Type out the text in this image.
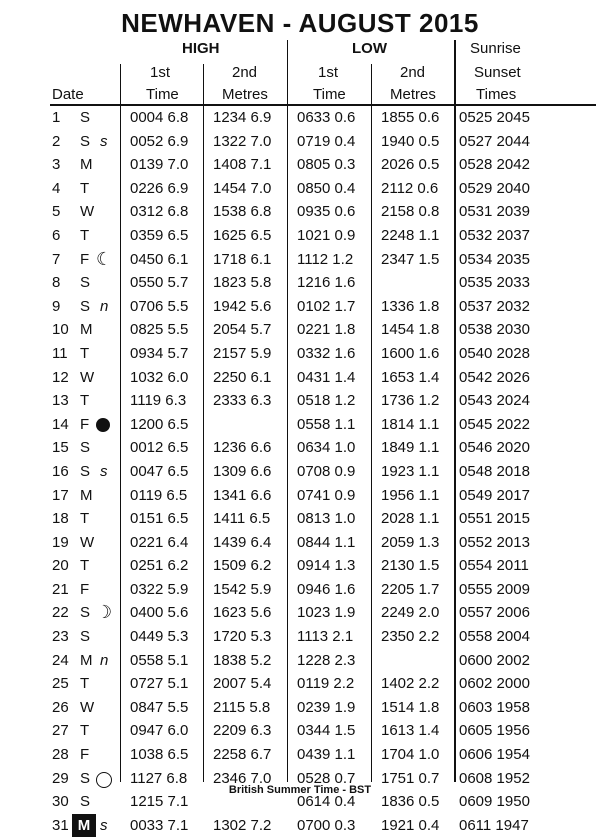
NEWHAVEN - AUGUST 2015
HIGH	LOW	Sunrise
1st	2nd	1st	2nd	Sunset
Date	Time	Metres	Time	Metres	Times
1 S	0004 6.8 1234 6.9 0633 0.6 1855 0.6 0525 2045
2 S s 0052 6.9 1322 7.0 0719 0.4 1940 0.5 0527 2044
3 M	0139 7.0 1408 7.1 0805 0.3 2026 0.5 0528 2042
4 T	0226 6.9 1454 7.0 0850 0.4 2112 0.6 0529 2040
5 W	0312 6.8 1538 6.8 0935 0.6 2158 0.8 0531 2039
6 T	0359 6.5 1625 6.5 1021 0.9 2248 1.1 0532 2037
7 F	0450 6.1 1718 6.1 1112 1.2 2347 1.5 0534 2035
☾
8 S	0550 5.7 1823 5.8 1216 1.6	0535 2033
9 S n 0706 5.5 1942 5.6 0102 1.7 1336 1.8 0537 2032
10 M	0825 5.5 2054 5.7 0221 1.8 1454 1.8 0538 2030
11 T	0934 5.7 2157 5.9 0332 1.6 1600 1.6 0540 2028
12 W	1032 6.0 2250 6.1 0431 1.4 1653 1.4 0542 2026
13 T	1119 6.3 2333 6.3 0518 1.2 1736 1.2 0543 2024
14 F	1200 6.5	0558 1.1 1814 1.1 0545 2022
15 S	0012 6.5 1236 6.6 0634 1.0 1849 1.1 0546 2020
16 S s 0047 6.5 1309 6.6 0708 0.9 1923 1.1 0548 2018
17 M	0119 6.5 1341 6.6 0741 0.9 1956 1.1 0549 2017
18 T	0151 6.5 1411 6.5 0813 1.0 2028 1.1 0551 2015
19 W	0221 6.4 1439 6.4 0844 1.1 2059 1.3 0552 2013
20 T	0251 6.2 1509 6.2 0914 1.3 2130 1.5 0554 2011
21 F	0322 5.9 1542 5.9 0946 1.6 2205 1.7 0555 2009
22 S	0400 5.6 1623 5.6 1023 1.9 2249 2.0 0557 2006
☽
23 S	0449 5.3 1720 5.3 1113 2.1 2350 2.2 0558 2004
24 M n 0558 5.1 1838 5.2 1228 2.3	0600 2002
25 T	0727 5.1 2007 5.4 0119 2.2 1402 2.2 0602 2000
26 W	0847 5.5 2115 5.8 0239 1.9 1514 1.8 0603 1958
27 T	0947 6.0 2209 6.3 0344 1.5 1613 1.4 0605 1956
28 F	1038 6.5 2258 6.7 0439 1.1 1704 1.0 0606 1954
29 S	1127 6.8 2346 7.0 0528 0.7 1751 0.7 0608 1952
30 S	1215 7.1	0614 0.4 1836 0.5 0609 1950
31 M s 0033 7.1 1302 7.2 0700 0.3 1921 0.4 0611 1947
British Summer Time - BST
